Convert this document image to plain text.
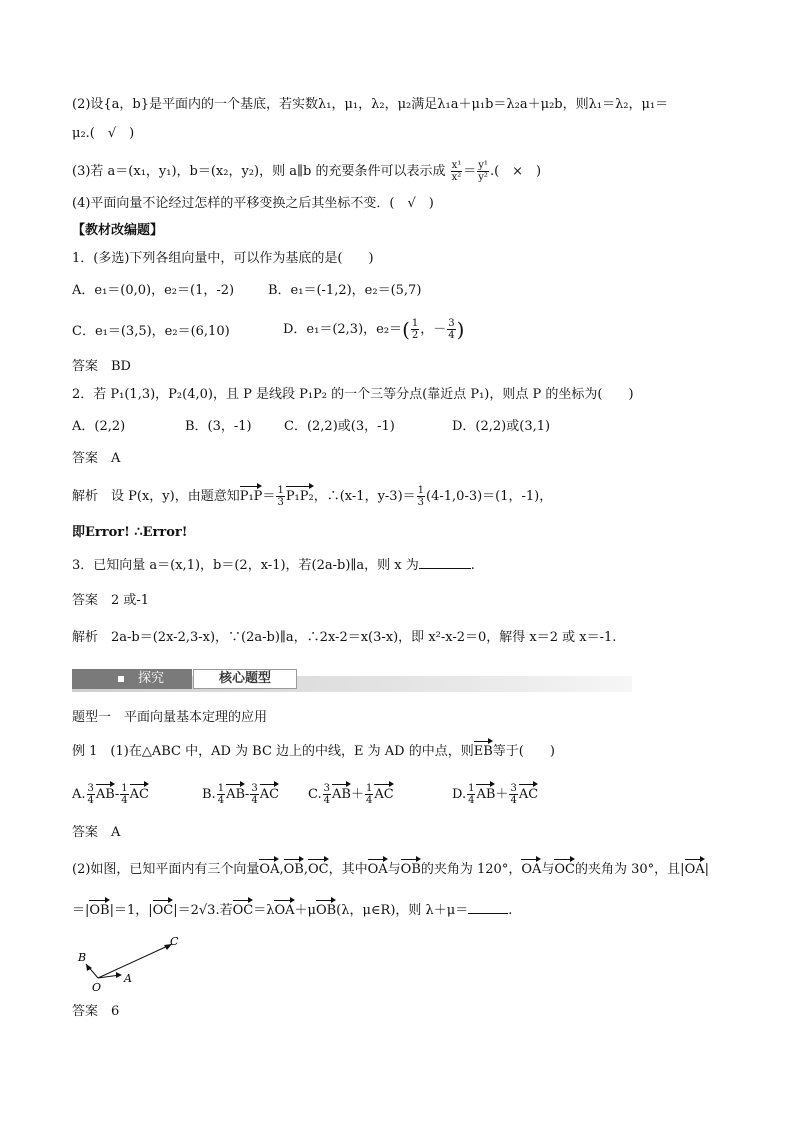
(2)设{a，b}是平面内的一个基底，若实数λ₁，μ₁，λ₂，μ₂满足λ₁a＋μ₁b＝λ₂a＋μ₂b，则λ₁＝λ₂，μ₁＝
μ₂.(　√　)
(3)若 a＝(x₁，y₁)，b＝(x₂，y₂)，则 a∥b 的充要条件可以表示成 $\frac{\text{x¹}}{\text{x²}} = \frac{\text{y¹}}{\text{y²}}$ .(　×　)
(4)平面向量不论经过怎样的平移变换之后其坐标不变．(　√　)
【教材改编题】
1．(多选)下列各组向量中，可以作为基底的是(　　)
A．e₁＝(0,0)，e₂＝(1，-2)	B．e₁＝(-1,2)，e₂＝(5,7)
C．e₁＝(3,5)，e₂＝(6,10)	D．e₁＝(2,3)，$e_2=( \frac{1}{2}$ ，－ $\frac{3}{4}$ )
答案　BD
2．若 P₁(1,3)，P₂(4,0)，且 P 是线段 P₁P₂ 的一个三等分点(靠近点 P₁)，则点 P 的坐标为(　　)
A．(2,2)	B．(3，-1) C．(2,2)或(3，-1)	D．(2,2)或(3,1)
答案　A
解析　设 P(x，y)，由题意知$P_1P= \frac{1}{3} P_1P_2$，∴(x-1，$y-3)= \frac{1}{3} (4-1,0-3)=(1$，-1)，
即Error! ∴Error!
3．已知向量 a＝(x,1)，b＝(2，x-1)，若(2a-b)∥a，则 x 为	.
答案　2 或-1
解析　2a-b＝(2x-2,3-x)，∵(2a-b)∥a，∴2x-2＝x(3-x)，即 x²-x-2＝0，解得 x＝2 或 x＝-1.
探究	核心题型
题型一　平面向量基本定理的应用
例 1　(1)在△ABC 中，AD 为 BC 边上的中线，E 为 AD 的中点，则EB等于(　　)
A. $\frac{3}{4} AB- \frac{1}{4}$ AC	B. $\frac{1}{4} AB- \frac{3}{4}$ AC C. $\frac{3}{4} AB+ \frac{1}{4}$ AC	D. $\frac{1}{4} AB+ \frac{3}{4}$ AC
答案　A
(2)如图，已知平面内有三个向量OA,OB,OC，其中OA与OB的夹角为 120°，OA与OC的夹角为 30°，且|OA|
＝|OB|＝1，|OC|＝2√3.若OC＝λOA＋μOB(λ，μ∈R)，则 λ＋μ＝	.
C
B
O
A
答案　6
